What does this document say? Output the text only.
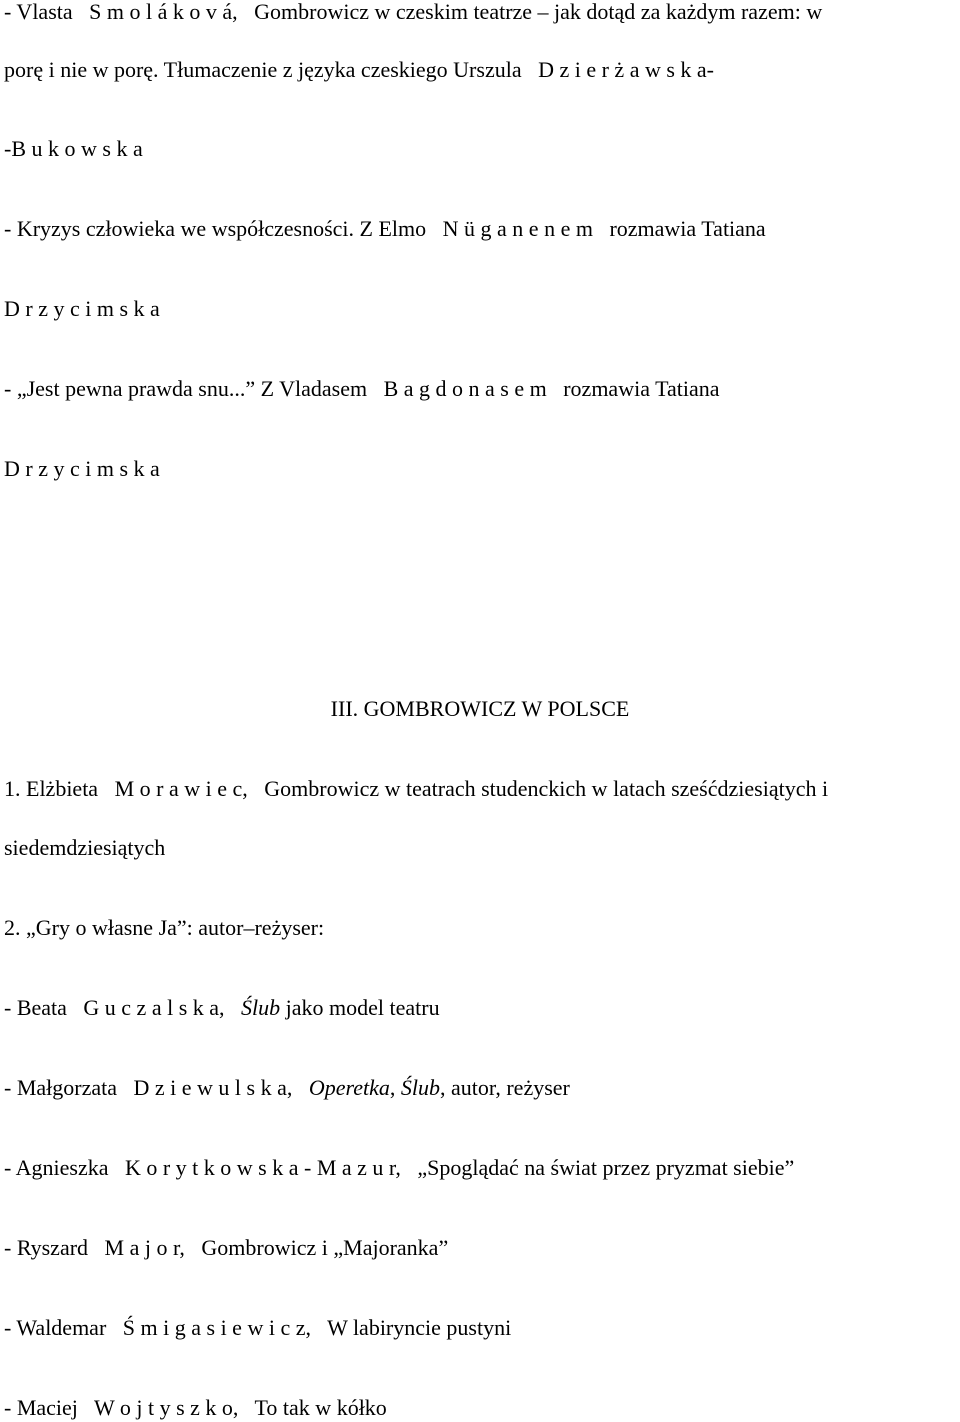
- Vlasta   S m o l á k o v á,   Gombrowicz w czeskim teatrze – jak dotąd za każdym razem: w
porę i nie w porę. Tłumaczenie z języka czeskiego Urszula   D z i e r ż a w s k a-
-B u k o w s k a
- Kryzys człowieka we współczesności. Z Elmo   N ü g a n e n e m   rozmawia Tatiana
D r z y c i m s k a
- „Jest pewna prawda snu...” Z Vladasem   B a g d o n a s e m   rozmawia Tatiana
D r z y c i m s k a
III. GOMBROWICZ W POLSCE
1. Elżbieta   M o r a w i e c,   Gombrowicz w teatrach studenckich w latach sześćdziesiątych i
siedemdziesiątych
2. „Gry o własne Ja”: autor–reżyser:
- Beata   G u c z a l s k a,   Ślub jako model teatru
- Małgorzata   D z i e w u l s k a,   Operetka, Ślub, autor, reżyser
- Agnieszka   K o r y t k o w s k a - M a z u r,   „Spoglądać na świat przez pryzmat siebie”
- Ryszard   M a j o r,   Gombrowicz i „Majoranka”
- Waldemar   Ś m i g a s i e w i c z,   W labiryncie pustyni
- Maciej   W o j t y s z k o,   To tak w kółko
